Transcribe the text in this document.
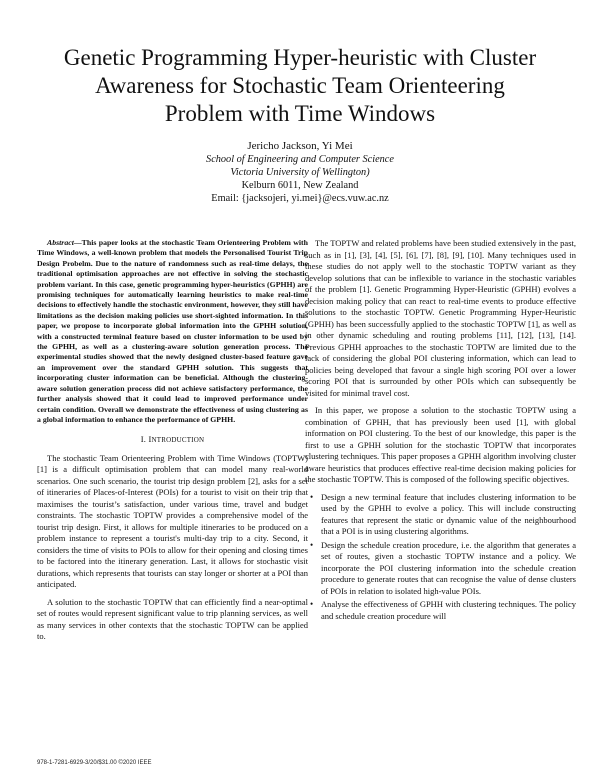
Genetic Programming Hyper-heuristic with Cluster
Awareness for Stochastic Team Orienteering
Problem with Time Windows
Jericho Jackson, Yi Mei
School of Engineering and Computer Science
Victoria University of Wellington)
Kelburn 6011, New Zealand
Email: {jacksojeri, yi.mei}@ecs.vuw.ac.nz

Abstract—This paper looks at the stochastic Team Orienteering Problem with Time Windows, a well-known problem that models the Personalised Tourist Trip Design Probelm. Due to the nature of randomness such as real-time delays, the traditional optimisation approaches are not effective in solving the stochastic problem variant. In this case, genetic programming hyper-heuristics (GPHH) are promising techniques for automatically learning heuristics to make real-time decisions to effectively handle the stochastic environment, however, they still have limitations as the decision making policies use short-sighted information. In this paper, we propose to incorporate global information into the GPHH solution, with a constructed terminal feature based on cluster information to be used by the GPHH, as well as a clustering-aware solution generation process. The experimental studies showed that the newly designed cluster-based feature gave an improvement over the standard GPHH solution. This suggests that incorporating cluster information can be beneficial. Although the clustering-aware solution generation process did not achieve satisfactory performance, the further analysis showed that it could lead to improved performance under certain condition. Overall we demonstrate the effectiveness of using clustering as a global information to enhance the performance of GPHH.

I. INTRODUCTION

The stochastic Team Orienteering Problem with Time Windows (TOPTW) [1] is a difficult optimisation problem that can model many real-world scenarios. One such scenario, the tourist trip design problem [2], asks for a set of itineraries of Places-of-Interest (POIs) for a tourist to visit on their trip that maximises the tourist’s satisfaction, under various time, travel and budget constraints. The stochastic TOPTW provides a comprehensive model of the tourist trip design. First, it allows for multiple itineraries to be produced on a problem instance to represent a tourist's multi-day trip to a city. Second, it considers the time of visits to POIs to allow for their opening and closing times to be factored into the itinerary generation. Last, it allows for stochastic visit durations, which represents that tourists can stay longer or shorter at a POI than anticipated.

A solution to the stochastic TOPTW that can efficiently find a near-optimal set of routes would represent significant value to trip planning services, as well as many services in other contexts that the stochastic TOPTW can be applied to.

The TOPTW and related problems have been studied extensively in the past, such as in [1], [3], [4], [5], [6], [7], [8], [9], [10]. Many techniques used in these studies do not apply well to the stochastic TOPTW variant as they develop solutions that can be inflexible to variance in the stochastic variables of the problem [1]. Genetic Programming Hyper-Heuristic (GPHH) evolves a decision making policy that can react to real-time events to produce effective solutions to the stochastic TOPTW. Genetic Programming Hyper-Heuristic (GPHH) has been successfully applied to the stochastic TOPTW [1], as well as in other dynamic scheduling and routing problems [11], [12], [13], [14]. Previous GPHH approaches to the stochastic TOPTW are limited due to the lack of considering the global POI clustering information, which can lead to policies being developed that favour a single high scoring POI over a lower scoring POI that is surrounded by other POIs which can subsequently be visited for minimal travel cost.

In this paper, we propose a solution to the stochastic TOPTW using a combination of GPHH, that has previously been used [1], with global information on POI clustering. To the best of our knowledge, this paper is the first to use a GPHH solution for the stochastic TOPTW that incorporates clustering techniques. This paper proposes a GPHH algorithm involving cluster aware heuristics that produces effective real-time decision making policies for the stochastic TOPTW. This is composed of the following specific objectives.

• Design a new terminal feature that includes clustering information to be used by the GPHH to evolve a policy. This will include constructing features that represent the static or dynamic value of the neighbourhood that a POI is in using clustering algorithms.
• Design the schedule creation procedure, i.e. the algorithm that generates a set of routes, given a stochastic TOPTW instance and a policy. We incorporate the POI clustering information into the schedule creation procedure to generate routes that can recognise the value of dense clusters of POIs in relation to isolated high-value POIs.
• Analyse the effectiveness of GPHH with clustering techniques. The policy and schedule creation procedure will
978-1-7281-6929-3/20/$31.00 ©2020 IEEE
